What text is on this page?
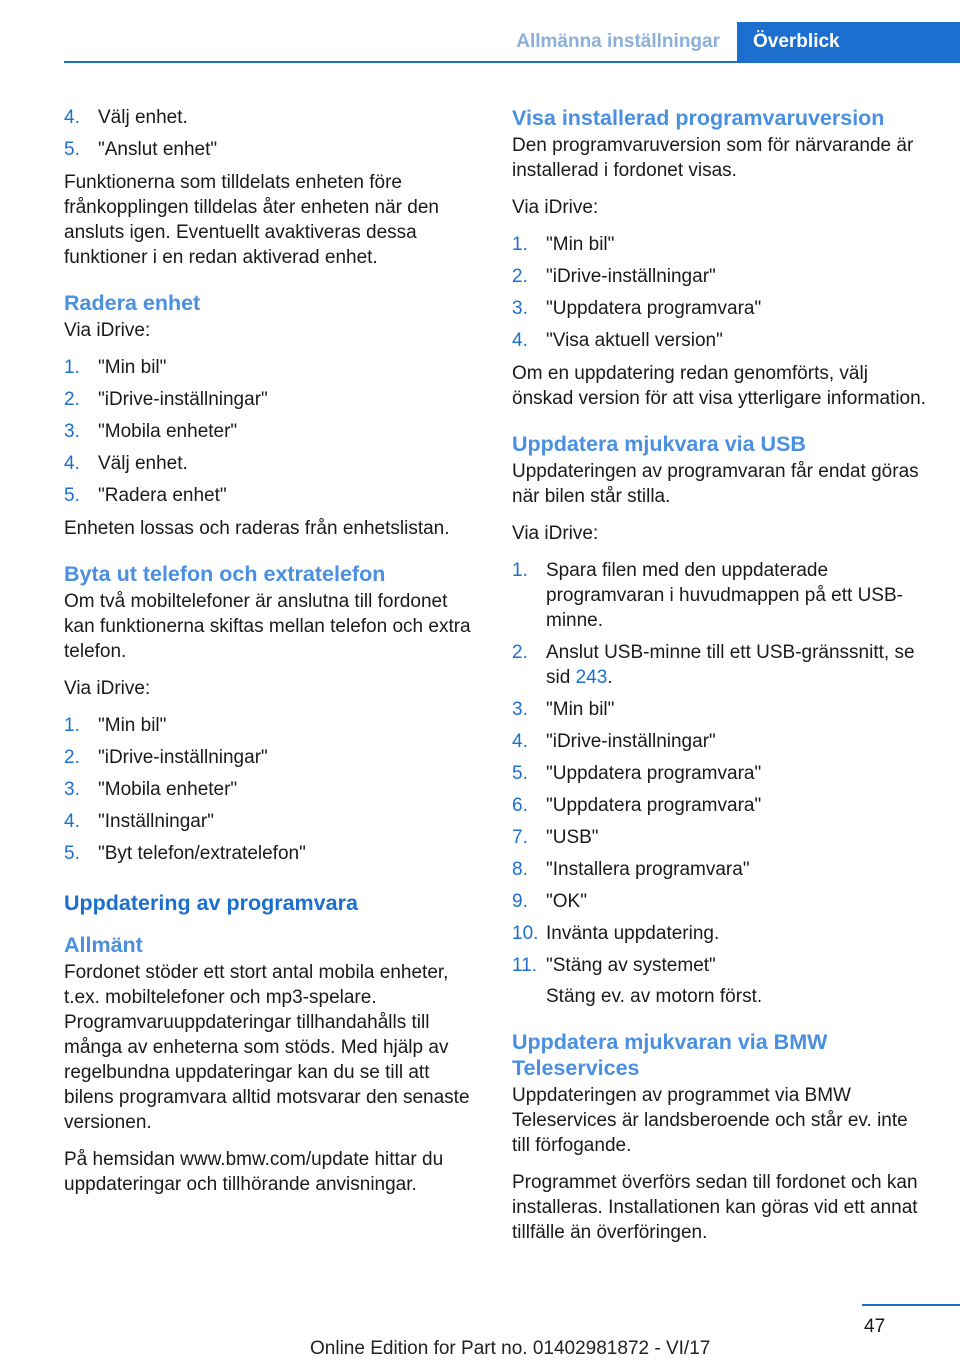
Allmänna inställningar	Överblick
4. Välj enhet.
5. "Anslut enhet"

Funktionerna som tilldelats enheten före frånkopplingen tilldelas åter enheten när den ansluts igen. Eventuellt avaktiveras dessa funktioner i en redan aktiverad enhet.

Radera enhet

Via iDrive:

1. "Min bil"
2. "iDrive-inställningar"
3. "Mobila enheter"
4. Välj enhet.
5. "Radera enhet"

Enheten lossas och raderas från enhetslistan.

Byta ut telefon och extratelefon

Om två mobiltelefoner är anslutna till fordonet kan funktionerna skiftas mellan telefon och extra telefon.

Via iDrive:

1. "Min bil"
2. "iDrive-inställningar"
3. "Mobila enheter"
4. "Inställningar"
5. "Byt telefon/extratelefon"
Uppdatering av programvara
Allmänt

Fordonet stöder ett stort antal mobila enheter, t.ex. mobiltelefoner och mp3-spelare. Programvaruuppdateringar tillhandahålls till många av enheterna som stöds. Med hjälp av regelbundna uppdateringar kan du se till att bilens programvara alltid motsvarar den senaste versionen.

På hemsidan www.bmw.com/update hittar du uppdateringar och tillhörande anvisningar.

Visa installerad programvaruversion

Den programvaruversion som för närvarande är installerad i fordonet visas.

Via iDrive:

1. "Min bil"
2. "iDrive-inställningar"
3. "Uppdatera programvara"
4. "Visa aktuell version"

Om en uppdatering redan genomförts, välj önskad version för att visa ytterligare information.

Uppdatera mjukvara via USB

Uppdateringen av programvaran får endat göras när bilen står stilla.

Via iDrive:

1. Spara filen med den uppdaterade programvaran i huvudmappen på ett USB-minne.
2. Anslut USB-minne till ett USB-gränssnitt, se sid 243.
3. "Min bil"
4. "iDrive-inställningar"
5. "Uppdatera programvara"
6. "Uppdatera programvara"
7. "USB"
8. "Installera programvara"
9. "OK"
10. Invänta uppdatering.
11. "Stäng av systemet"
Stäng ev. av motorn först.
Uppdatera mjukvaran via BMW Teleservices

Uppdateringen av programmet via BMW Teleservices är landsberoende och står ev. inte till förfogande.

Programmet överförs sedan till fordonet och kan installeras. Installationen kan göras vid ett annat tillfälle än överföringen.

47
Online Edition for Part no. 01402981872 - VI/17
